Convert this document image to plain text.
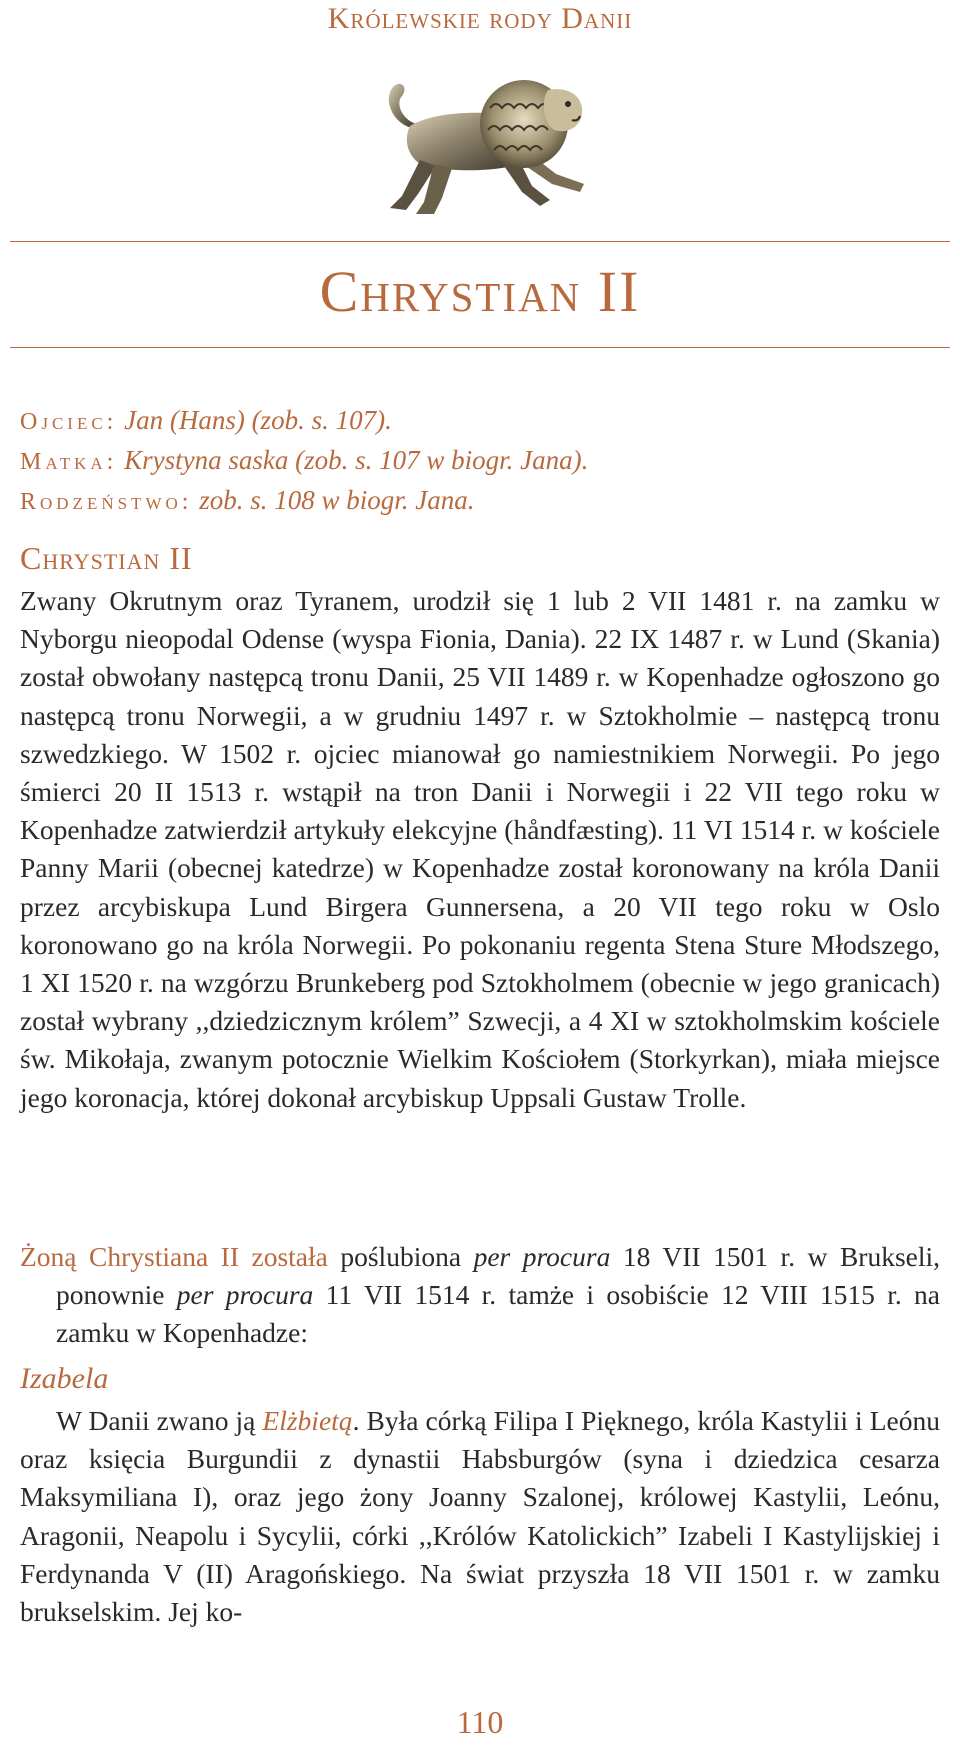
Królewskie rody Danii
Chrystian II
Ojciec: Jan (Hans) (zob. s. 107).
Matka: Krystyna saska (zob. s. 107 w biogr. Jana).
Rodzeństwo: zob. s. 108 w biogr. Jana.
Chrystian II

Zwany Okrutnym oraz Tyranem, urodził się 1 lub 2 VII 1481 r. na zamku w Nyborgu nieopodal Odense (wyspa Fionia, Dania). 22 IX 1487 r. w Lund (Skania) został obwołany następcą tronu Danii, 25 VII 1489 r. w Kopenhadze ogłoszono go następcą tronu Norwegii, a w grudniu 1497 r. w Sztokholmie – następcą tronu szwedzkiego. W 1502 r. ojciec mianował go namiestnikiem Norwegii. Po jego śmierci 20 II 1513 r. wstąpił na tron Danii i Norwegii i 22 VII tego roku w Kopenhadze zatwierdził artykuły elekcyjne (håndfæsting). 11 VI 1514 r. w kościele Panny Marii (obecnej katedrze) w Kopenhadze został koronowany na króla Danii przez arcybiskupa Lund Birgera Gunnersena, a 20 VII tego roku w Oslo koronowano go na króla Norwegii. Po pokonaniu regenta Stena Sture Młodszego, 1 XI 1520 r. na wzgórzu Brunkeberg pod Sztokholmem (obecnie w jego granicach) został wybrany ,,dziedzicznym królem” Szwecji, a 4 XI w sztokholmskim kościele św. Mikołaja, zwanym potocznie Wielkim Kościołem (Storkyrkan), miała miejsce jego koronacja, której dokonał arcybiskup Uppsali Gustaw Trolle.

Żoną Chrystiana II została poślubiona per procura 18 VII 1501 r. w Brukseli, ponownie per procura 11 VII 1514 r. tamże i osobiście 12 VIII 1515 r. na zamku w Kopenhadze:
Izabela

W Danii zwano ją Elżbietą. Była córką Filipa I Pięknego, króla Kastylii i Leónu oraz księcia Burgundii z dynastii Habsburgów (syna i dziedzica cesarza Maksymiliana I), oraz jego żony Joanny Szalonej, królowej Kastylii, Leónu, Aragonii, Neapolu i Sycylii, córki ,,Królów Katolickich” Izabeli I Kastylijskiej i Ferdynanda V (II) Aragońskiego. Na świat przyszła 18 VII 1501 r. w zamku brukselskim. Jej ko-

110
